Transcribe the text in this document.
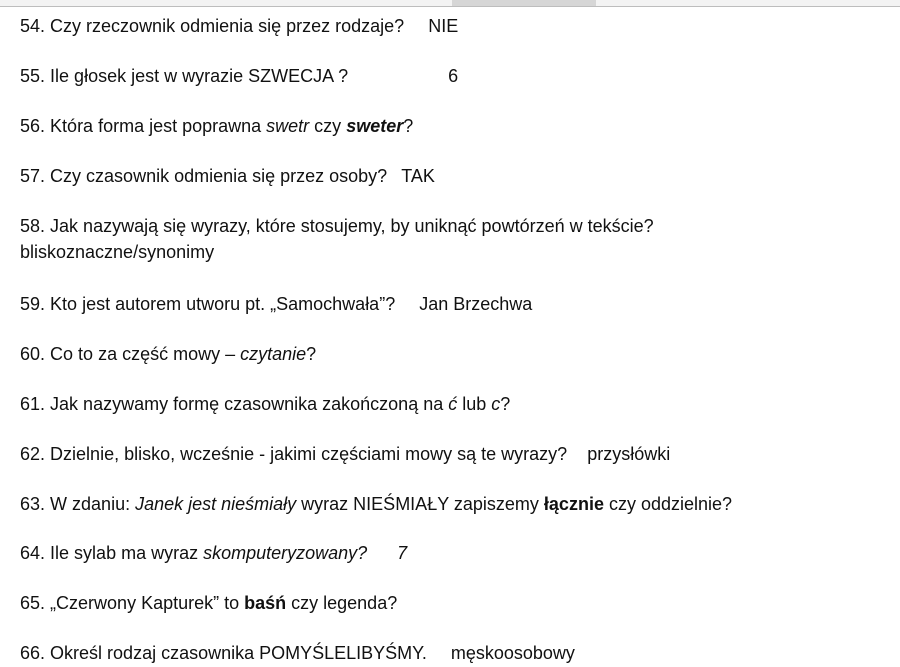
54. Czy rzeczownik odmienia się przez rodzaje? NIE
55. Ile głosek jest w wyrazie SZWECJA ?	6
56. Która forma jest poprawna swetr czy sweter?
57. Czy czasownik odmienia się przez osoby? TAK
58. Jak nazywają się wyrazy, które stosujemy, by uniknąć powtórzeń w tekście?
bliskoznaczne/synonimy
59. Kto jest autorem utworu pt. „Samochwała”? Jan Brzechwa
60. Co to za część mowy – czytanie?
61. Jak nazywamy formę czasownika zakończoną na ć lub c?
62. Dzielnie, blisko, wcześnie - jakimi częściami mowy są te wyrazy? przysłówki
63. W zdaniu: Janek jest nieśmiały wyraz NIEŚMIAŁY zapiszemy łącznie czy oddzielnie?
64. Ile sylab ma wyraz skomputeryzowany? 7
65. „Czerwony Kapturek” to baśń czy legenda?
66. Określ rodzaj czasownika POMYŚLELIBYŚMY. męskoosobowy
